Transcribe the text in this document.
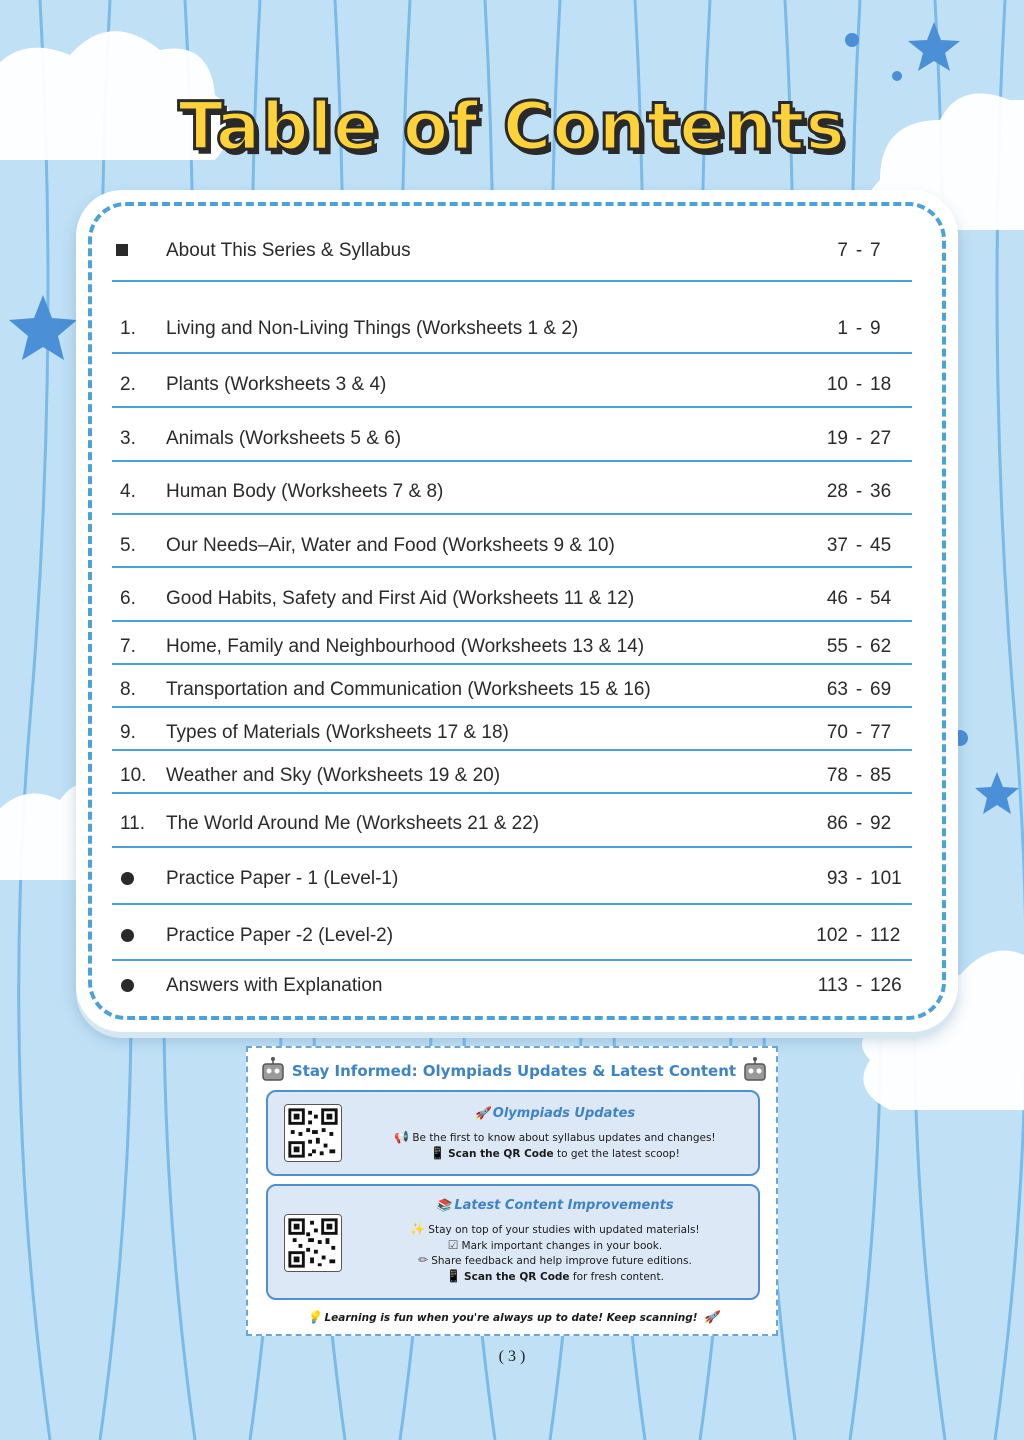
Table of Contents
About This Series & Syllabus	7 - 7
1. Living and Non-Living Things (Worksheets 1 & 2)	1 - 9
2. Plants (Worksheets 3 & 4)	10 - 18
3. Animals (Worksheets 5 & 6)	19 - 27
4. Human Body (Worksheets 7 & 8)	28 - 36
5. Our Needs–Air, Water and Food (Worksheets 9 & 10)	37 - 45
6. Good Habits, Safety and First Aid (Worksheets 11 & 12)	46 - 54
7. Home, Family and Neighbourhood (Worksheets 13 & 14)	55 - 62
8. Transportation and Communication (Worksheets 15 & 16)	63 - 69
9. Types of Materials (Worksheets 17 & 18)	70 - 77
10. Weather and Sky (Worksheets 19 & 20)	78 - 85
11. The World Around Me (Worksheets 21 & 22)	86 - 92
Practice Paper - 1 (Level-1)	93 - 101
Practice Paper -2 (Level-2)	102 - 112
Answers with Explanation	113 - 126
Stay Informed: Olympiads Updates & Latest Content
🚀 Olympiads Updates
📢 Be the first to know about syllabus updates and changes!
📱 Scan the QR Code to get the latest scoop!
📚 Latest Content Improvements
✨ Stay on top of your studies with updated materials!
☑ Mark important changes in your book.
✏ Share feedback and help improve future editions.
📱 Scan the QR Code for fresh content.
💡 Learning is fun when you're always up to date! Keep scanning! 🚀
( 3 )
